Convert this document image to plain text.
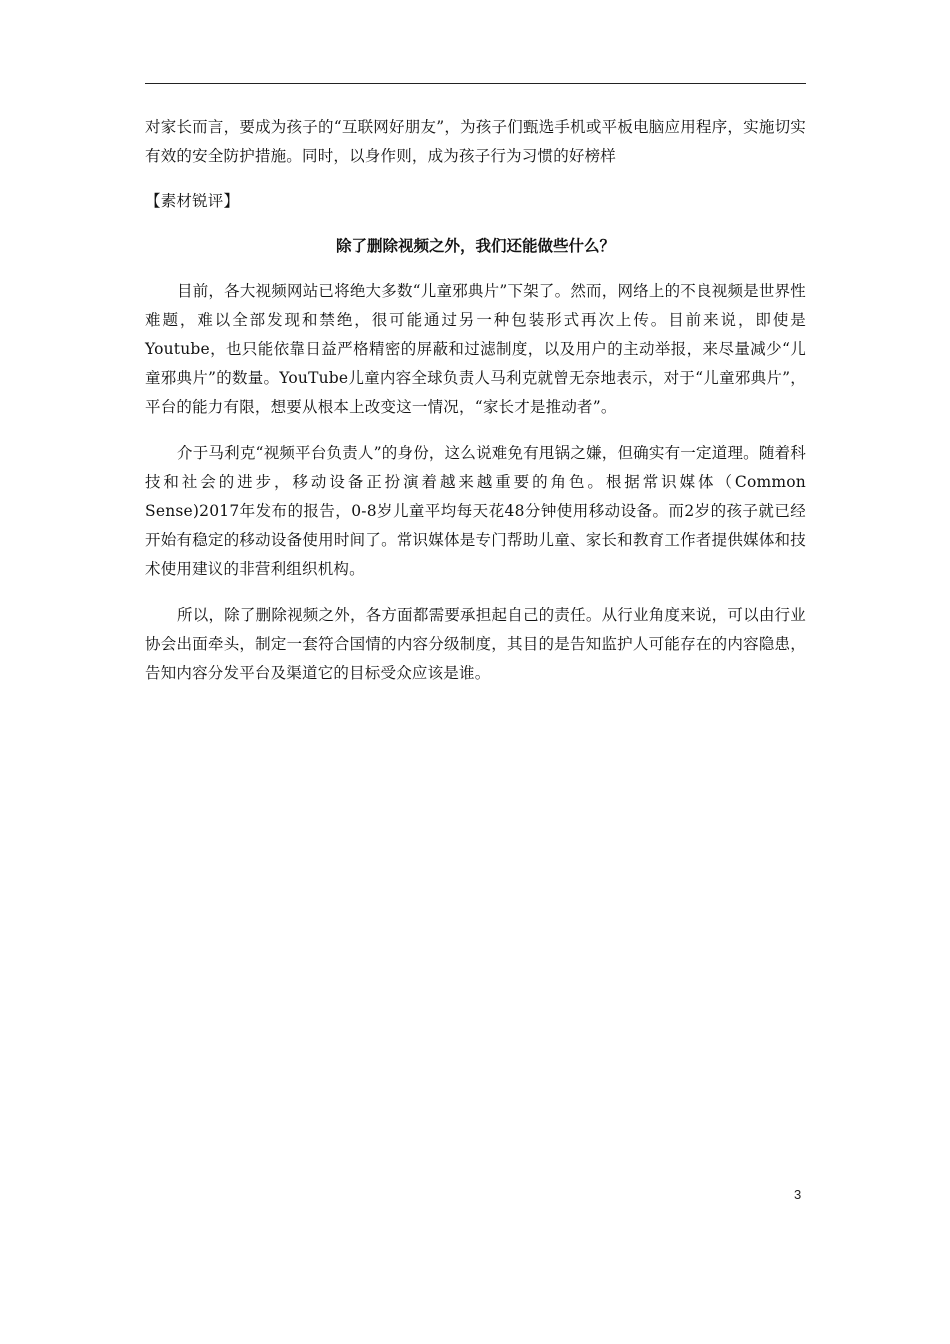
对家长而言，要成为孩子的“互联网好朋友”，为孩子们甄选手机或平板电脑应用程序，实施切实有效的安全防护措施。同时，以身作则，成为孩子行为习惯的好榜样

【素材锐评】

除了删除视频之外，我们还能做些什么？

目前，各大视频网站已将绝大多数“儿童邪典片”下架了。然而，网络上的不良视频是世界性难题，难以全部发现和禁绝，很可能通过另一种包装形式再次上传。目前来说，即使是Youtube，也只能依靠日益严格精密的屏蔽和过滤制度，以及用户的主动举报，来尽量减少“儿童邪典片”的数量。YouTube儿童内容全球负责人马利克就曾无奈地表示，对于“儿童邪典片”，平台的能力有限，想要从根本上改变这一情况，“家长才是推动者”。

介于马利克“视频平台负责人”的身份，这么说难免有甩锅之嫌，但确实有一定道理。随着科技和社会的进步，移动设备正扮演着越来越重要的角色。根据常识媒体（Common Sense)2017年发布的报告，0-8岁儿童平均每天花48分钟使用移动设备。而2岁的孩子就已经开始有稳定的移动设备使用时间了。常识媒体是专门帮助儿童、家长和教育工作者提供媒体和技术使用建议的非营利组织机构。

所以，除了删除视频之外，各方面都需要承担起自己的责任。从行业角度来说，可以由行业协会出面牵头，制定一套符合国情的内容分级制度，其目的是告知监护人可能存在的内容隐患，告知内容分发平台及渠道它的目标受众应该是谁。

3
